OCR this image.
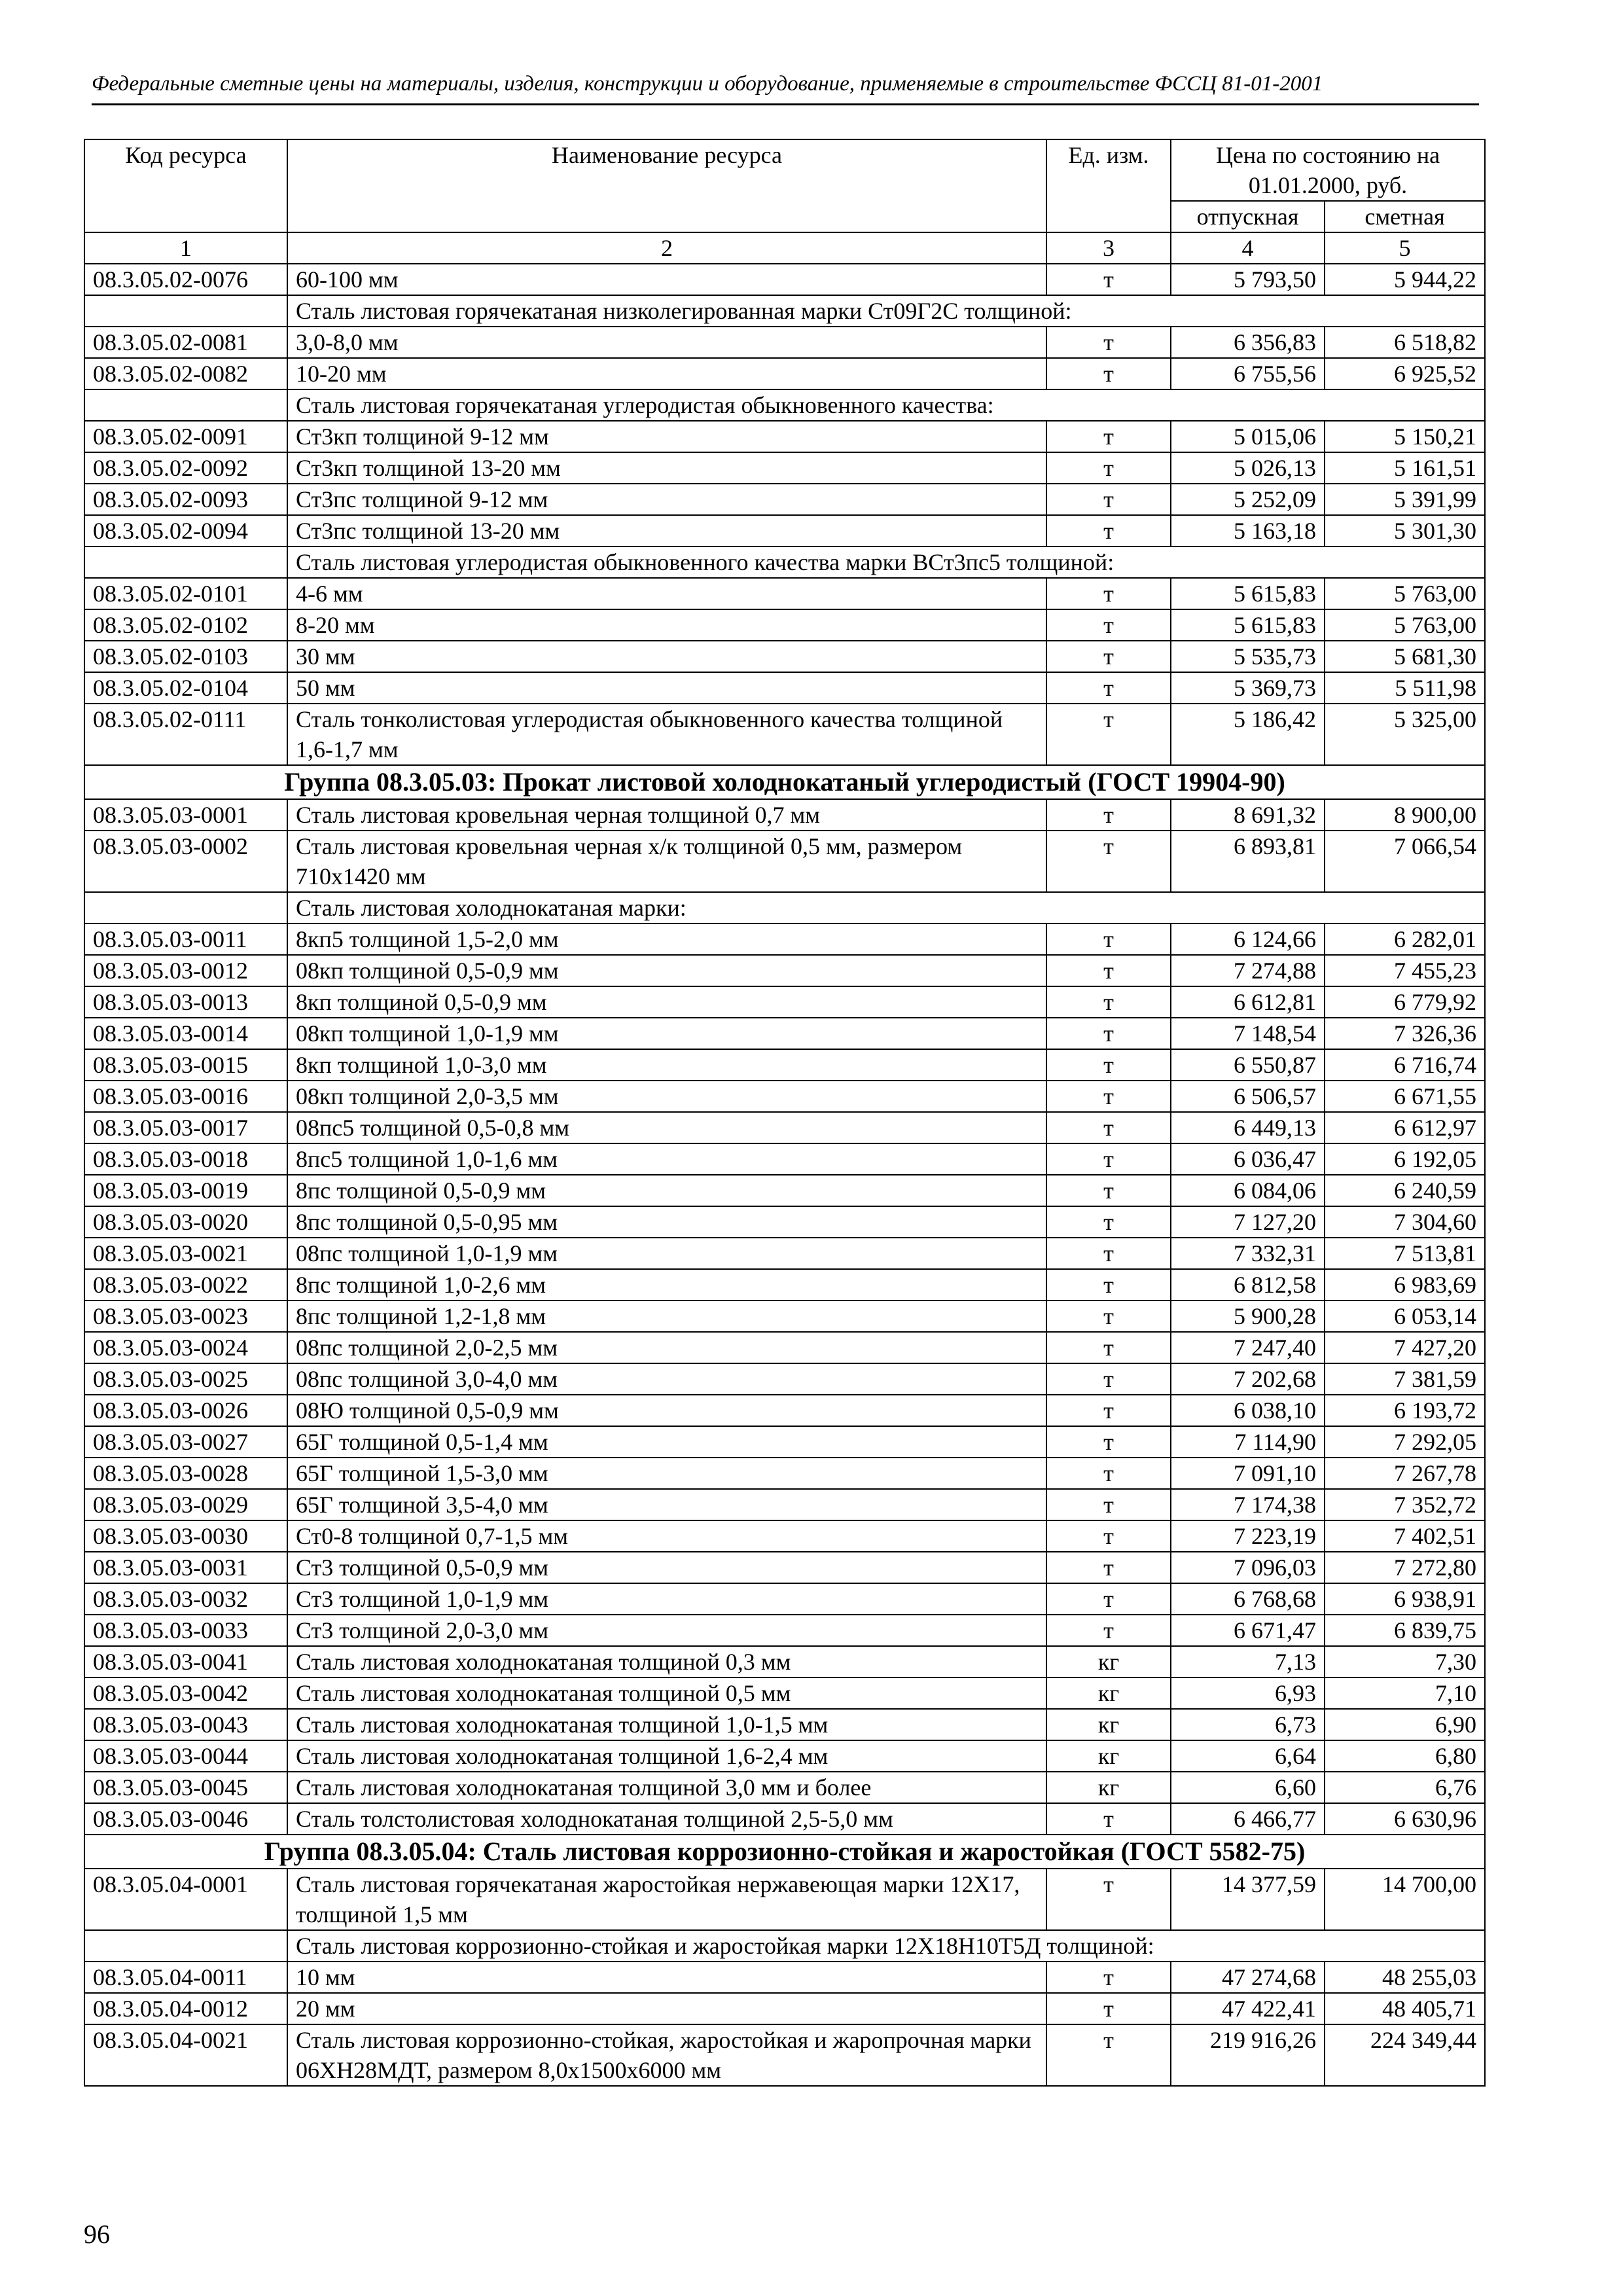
Федеральные сметные цены на материалы, изделия, конструкции и оборудование, применяемые в строительстве ФССЦ 81-01-2001
Код ресурса	Наименование ресурса	Ед. изм.	Цена по состоянию на 01.01.2000, руб.	
			отпускная	сметная
1	2	3	4	5
08.3.05.02-0076	60-100 мм	т	5 793,50	5 944,22
	Сталь листовая горячекатаная низколегированная марки Ст09Г2С толщиной:			
08.3.05.02-0081	3,0-8,0 мм	т	6 356,83	6 518,82
08.3.05.02-0082	10-20 мм	т	6 755,56	6 925,52
	Сталь листовая горячекатаная углеродистая обыкновенного качества:			
08.3.05.02-0091	Ст3кп толщиной 9-12 мм	т	5 015,06	5 150,21
08.3.05.02-0092	Ст3кп толщиной 13-20 мм	т	5 026,13	5 161,51
08.3.05.02-0093	Ст3пс толщиной 9-12 мм	т	5 252,09	5 391,99
08.3.05.02-0094	Ст3пс толщиной 13-20 мм	т	5 163,18	5 301,30
	Сталь листовая углеродистая обыкновенного качества марки ВСт3пс5 толщиной:			
08.3.05.02-0101	4-6 мм	т	5 615,83	5 763,00
08.3.05.02-0102	8-20 мм	т	5 615,83	5 763,00
08.3.05.02-0103	30 мм	т	5 535,73	5 681,30
08.3.05.02-0104	50 мм	т	5 369,73	5 511,98
08.3.05.02-0111	Сталь тонколистовая углеродистая обыкновенного качества толщиной 1,6-1,7 мм	т	5 186,42	5 325,00
Группа 08.3.05.03: Прокат листовой холоднокатаный углеродистый (ГОСТ 19904-90)				
08.3.05.03-0001	Сталь листовая кровельная черная толщиной 0,7 мм	т	8 691,32	8 900,00
08.3.05.03-0002	Сталь листовая кровельная черная х/к толщиной 0,5 мм, размером 710х1420 мм	т	6 893,81	7 066,54
	Сталь листовая холоднокатаная марки:			
08.3.05.03-0011	8кп5 толщиной 1,5-2,0 мм	т	6 124,66	6 282,01
08.3.05.03-0012	08кп толщиной 0,5-0,9 мм	т	7 274,88	7 455,23
08.3.05.03-0013	8кп толщиной 0,5-0,9 мм	т	6 612,81	6 779,92
08.3.05.03-0014	08кп толщиной 1,0-1,9 мм	т	7 148,54	7 326,36
08.3.05.03-0015	8кп толщиной 1,0-3,0 мм	т	6 550,87	6 716,74
08.3.05.03-0016	08кп толщиной 2,0-3,5 мм	т	6 506,57	6 671,55
08.3.05.03-0017	08пс5 толщиной 0,5-0,8 мм	т	6 449,13	6 612,97
08.3.05.03-0018	8пс5 толщиной 1,0-1,6 мм	т	6 036,47	6 192,05
08.3.05.03-0019	8пс толщиной 0,5-0,9 мм	т	6 084,06	6 240,59
08.3.05.03-0020	8пс толщиной 0,5-0,95 мм	т	7 127,20	7 304,60
08.3.05.03-0021	08пс толщиной 1,0-1,9 мм	т	7 332,31	7 513,81
08.3.05.03-0022	8пс толщиной 1,0-2,6 мм	т	6 812,58	6 983,69
08.3.05.03-0023	8пс толщиной 1,2-1,8 мм	т	5 900,28	6 053,14
08.3.05.03-0024	08пс толщиной 2,0-2,5 мм	т	7 247,40	7 427,20
08.3.05.03-0025	08пс толщиной 3,0-4,0 мм	т	7 202,68	7 381,59
08.3.05.03-0026	08Ю толщиной 0,5-0,9 мм	т	6 038,10	6 193,72
08.3.05.03-0027	65Г толщиной 0,5-1,4 мм	т	7 114,90	7 292,05
08.3.05.03-0028	65Г толщиной 1,5-3,0 мм	т	7 091,10	7 267,78
08.3.05.03-0029	65Г толщиной 3,5-4,0 мм	т	7 174,38	7 352,72
08.3.05.03-0030	Ст0-8 толщиной 0,7-1,5 мм	т	7 223,19	7 402,51
08.3.05.03-0031	Ст3 толщиной 0,5-0,9 мм	т	7 096,03	7 272,80
08.3.05.03-0032	Ст3 толщиной 1,0-1,9 мм	т	6 768,68	6 938,91
08.3.05.03-0033	Ст3 толщиной 2,0-3,0 мм	т	6 671,47	6 839,75
08.3.05.03-0041	Сталь листовая холоднокатаная толщиной 0,3 мм	кг	7,13	7,30
08.3.05.03-0042	Сталь листовая холоднокатаная толщиной 0,5 мм	кг	6,93	7,10
08.3.05.03-0043	Сталь листовая холоднокатаная толщиной 1,0-1,5 мм	кг	6,73	6,90
08.3.05.03-0044	Сталь листовая холоднокатаная толщиной 1,6-2,4 мм	кг	6,64	6,80
08.3.05.03-0045	Сталь листовая холоднокатаная толщиной 3,0 мм и более	кг	6,60	6,76
08.3.05.03-0046	Сталь толстолистовая холоднокатаная толщиной 2,5-5,0 мм	т	6 466,77	6 630,96
Группа 08.3.05.04: Сталь листовая коррозионно-стойкая и жаростойкая (ГОСТ 5582-75)				
08.3.05.04-0001	Сталь листовая горячекатаная жаростойкая нержавеющая марки 12Х17, толщиной 1,5 мм	т	14 377,59	14 700,00
	Сталь листовая коррозионно-стойкая и жаростойкая марки 12Х18Н10Т5Д толщиной:			
08.3.05.04-0011	10 мм	т	47 274,68	48 255,03
08.3.05.04-0012	20 мм	т	47 422,41	48 405,71
08.3.05.04-0021	Сталь листовая коррозионно-стойкая, жаростойкая и жаропрочная марки 06ХН28МДТ, размером 8,0х1500х6000 мм	т	219 916,26	224 349,44
96
